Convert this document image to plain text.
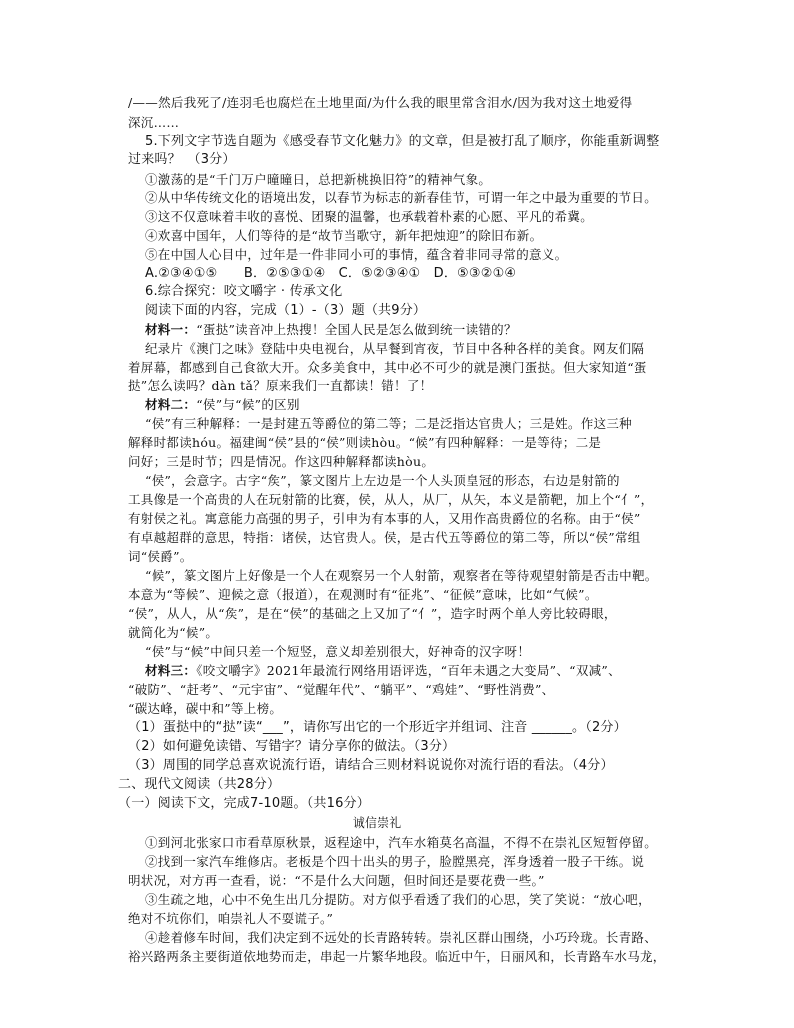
/——然后我死了/连羽毛也腐烂在土地里面/为什么我的眼里常含泪水/因为我对这土地爱得
深沉……
5.下列文字节选自题为《感受春节文化魅力》的文章，但是被打乱了顺序，你能重新调整
过来吗？　（3分）
①激荡的是“千门万户曈曈日，总把新桃换旧符”的精神气象。
②从中华传统文化的语境出发，以春节为标志的新春佳节，可谓一年之中最为重要的节日。
③这不仅意味着丰收的喜悦、团聚的温馨，也承载着朴素的心愿、平凡的希冀。
④欢喜中国年，人们等待的是“故节当歌守，新年把烛迎”的除旧布新。
⑤在中国人心目中，过年是一件非同小可的事情，蕴含着非同寻常的意义。
A.②③④①⑤　　B．②⑤③①④　C．⑤②③④①　D．⑤③②①④
6.综合探究：咬文嚼字 · 传承文化
阅读下面的内容，完成（1）-（3）题（共9分）
材料一：“蛋挞”读音冲上热搜！全国人民是怎么做到统一读错的？
纪录片《澳门之味》登陆中央电视台，从早餐到宵夜，节目中各种各样的美食。网友们隔
着屏幕，都感到自己食欲大开。众多美食中，其中必不可少的就是澳门蛋挞。但大家知道“蛋
挞”怎么读吗？dàn tǎ？原来我们一直都读！错！了！
材料二：“侯”与“候”的区别
“侯”有三种解释：一是封建五等爵位的第二等；二是泛指达官贵人；三是姓。作这三种
解释时都读hóu。福建闽“侯”县的“侯”则读hòu。“候”有四种解释：一是等待；二是
问好；三是时节；四是情况。作这四种解释都读hòu。
“侯”，会意字。古字“矦”，篆文图片上左边是一个人头顶皇冠的形态，右边是射箭的
工具像是一个高贵的人在玩射箭的比赛，侯，从人，从厂，从矢，本义是箭靶，加上个“亻”，
有射侯之礼。寓意能力高强的男子，引申为有本事的人，又用作高贵爵位的名称。由于“侯”
有卓越超群的意思，特指：诸侯，达官贵人。侯，是古代五等爵位的第二等，所以“侯”常组
词“侯爵”。
“候”，篆文图片上好像是一个人在观察另一个人射箭，观察者在等待观望射箭是否击中靶。
本意为“等候”、迎候之意（报道），在观测时有“征兆”、“征候”意味，比如“气候”。
“侯”，从人，从“矦”，是在“侯”的基础之上又加了“亻”，造字时两个单人旁比较碍眼，
就简化为“候”。
“侯”与“候”中间只差一个短竖，意义却差别很大，好神奇的汉字呀！
材料三：《咬文嚼字》2021年最流行网络用语评选，“百年未遇之大变局”、“双减”、
“破防”、“赶考”、“元宇宙”、“觉醒年代”、“躺平”、“鸡娃”、“野性消费”、
“碳达峰，碳中和”等上榜。
（1）蛋挞中的“挞”读“___”，请你写出它的一个形近字并组词、注音 ______。（2分）
（2）如何避免读错、写错字？请分享你的做法。（3分）
（3）周围的同学总喜欢说流行语，请结合三则材料说说你对流行语的看法。（4分）
二、现代文阅读（共28分）
（一）阅读下文，完成7-10题。（共16分）
诚信崇礼
①到河北张家口市看草原秋景，返程途中，汽车水箱莫名高温，不得不在崇礼区短暂停留。
②找到一家汽车维修店。老板是个四十出头的男子，脸膛黑亮，浑身透着一股子干练。说
明状况，对方再一查看，说：“不是什么大问题，但时间还是要花费一些。”
③生疏之地，心中不免生出几分提防。对方似乎看透了我们的心思，笑了笑说：“放心吧，
绝对不坑你们，咱崇礼人不耍谎子。”
④趁着修车时间，我们决定到不远处的长青路转转。崇礼区群山围绕，小巧玲珑。长青路、
裕兴路两条主要街道依地势而走，串起一片繁华地段。临近中午，日丽风和，长青路车水马龙，
